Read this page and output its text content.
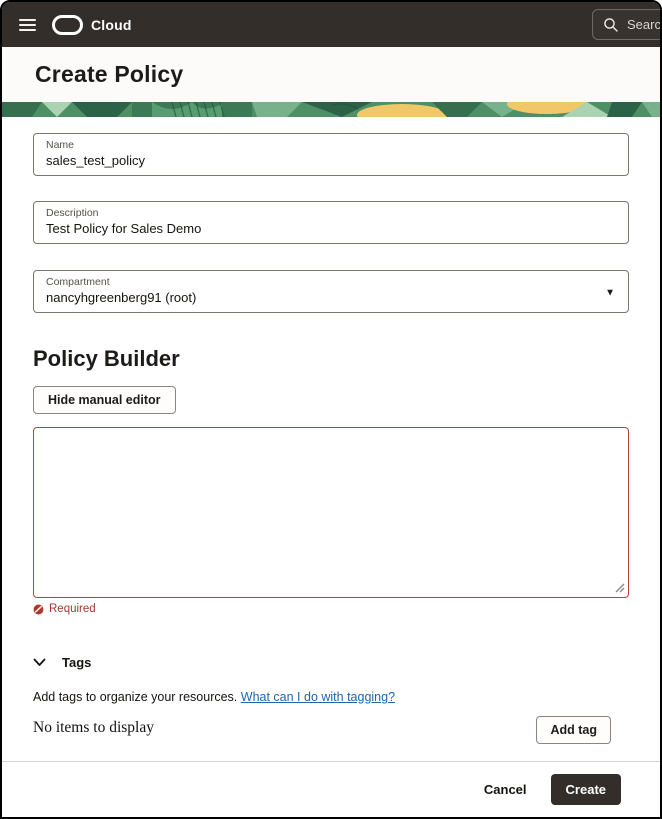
Cloud
Search resources
Create Policy
Name
sales_test_policy
Description
Test Policy for Sales Demo
Compartment
nancyhgreenberg91 (root)	▼
Policy Builder
Hide manual editor
Required
Tags

Add tags to organize your resources. What can I do with tagging?

No items to display	Add tag
Cancel	Create
